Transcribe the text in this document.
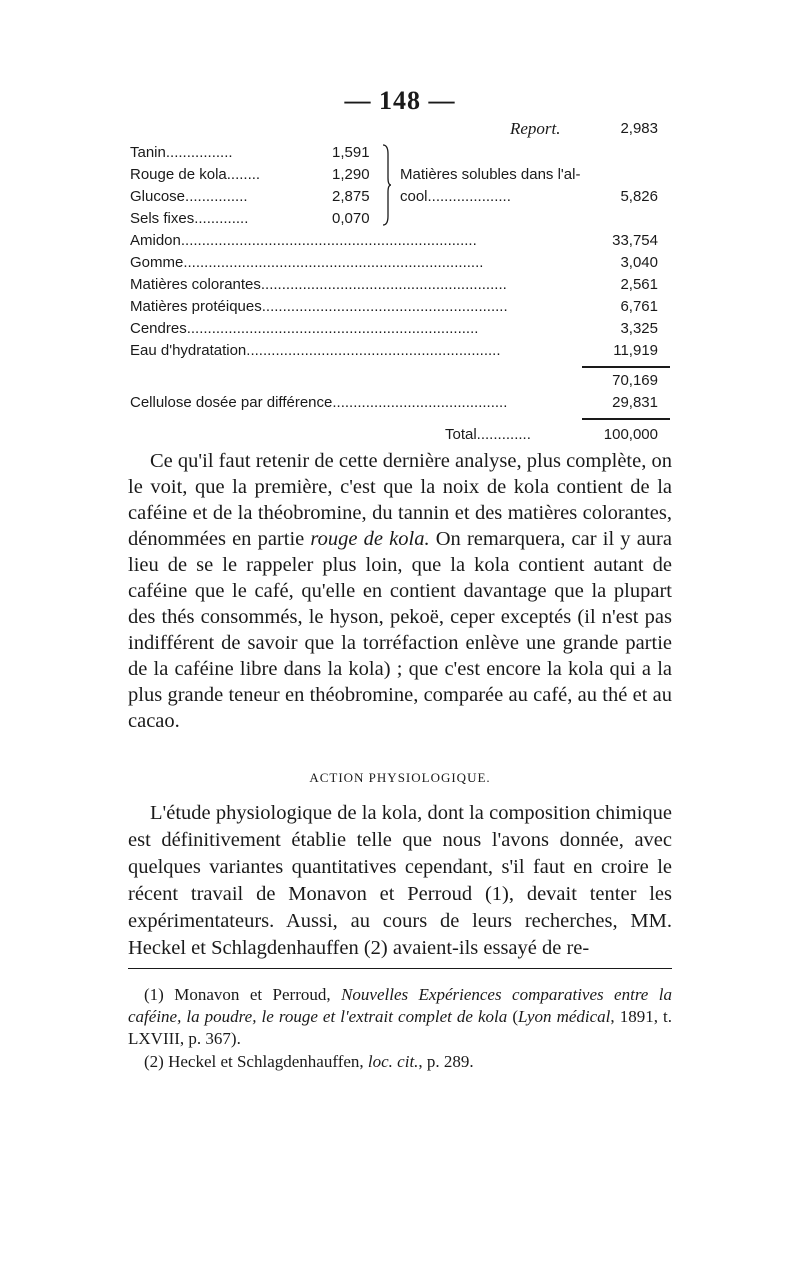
— 148 —
Report.	2,983
Tanin................	1,591
Rouge de kola........	1,290
Glucose...............	2,875
Sels fixes.............	0,070
Matières solubles dans l'al-
cool....................	5,826
Amidon.......................................................................	33,754
Gomme........................................................................	3,040
Matières colorantes...........................................................	2,561
Matières protéiques...........................................................	6,761
Cendres......................................................................	3,325
Eau d'hydratation.............................................................	11,919
70,169
Cellulose dosée par différence..........................................	29,831
Total.............	100,000

Ce qu'il faut retenir de cette dernière analyse, plus complète, on le voit, que la première, c'est que la noix de kola contient de la caféine et de la théobromine, du tannin et des matières colorantes, dénommées en partie rouge de kola. On remarquera, car il y aura lieu de se le rappeler plus loin, que la kola contient autant de caféine que le café, qu'elle en contient davantage que la plupart des thés consommés, le hyson, pekoë, ceper exceptés (il n'est pas indifférent de savoir que la torréfaction enlève une grande partie de la caféine libre dans la kola) ; que c'est encore la kola qui a la plus grande teneur en théobromine, comparée au café, au thé et au cacao.

ACTION PHYSIOLOGIQUE.

L'étude physiologique de la kola, dont la composition chimique est définitivement établie telle que nous l'avons donnée, avec quelques variantes quantitatives cependant, s'il faut en croire le récent travail de Monavon et Perroud (1), devait tenter les expérimentateurs. Aussi, au cours de leurs recherches, MM. Heckel et Schlagdenhauffen (2) avaient-ils essayé de re-

(1) Monavon et Perroud, Nouvelles Expériences comparatives entre la caféine, la poudre, le rouge et l'extrait complet de kola (Lyon médical, 1891, t. LXVIII, p. 367).

(2) Heckel et Schlagdenhauffen, loc. cit., p. 289.
